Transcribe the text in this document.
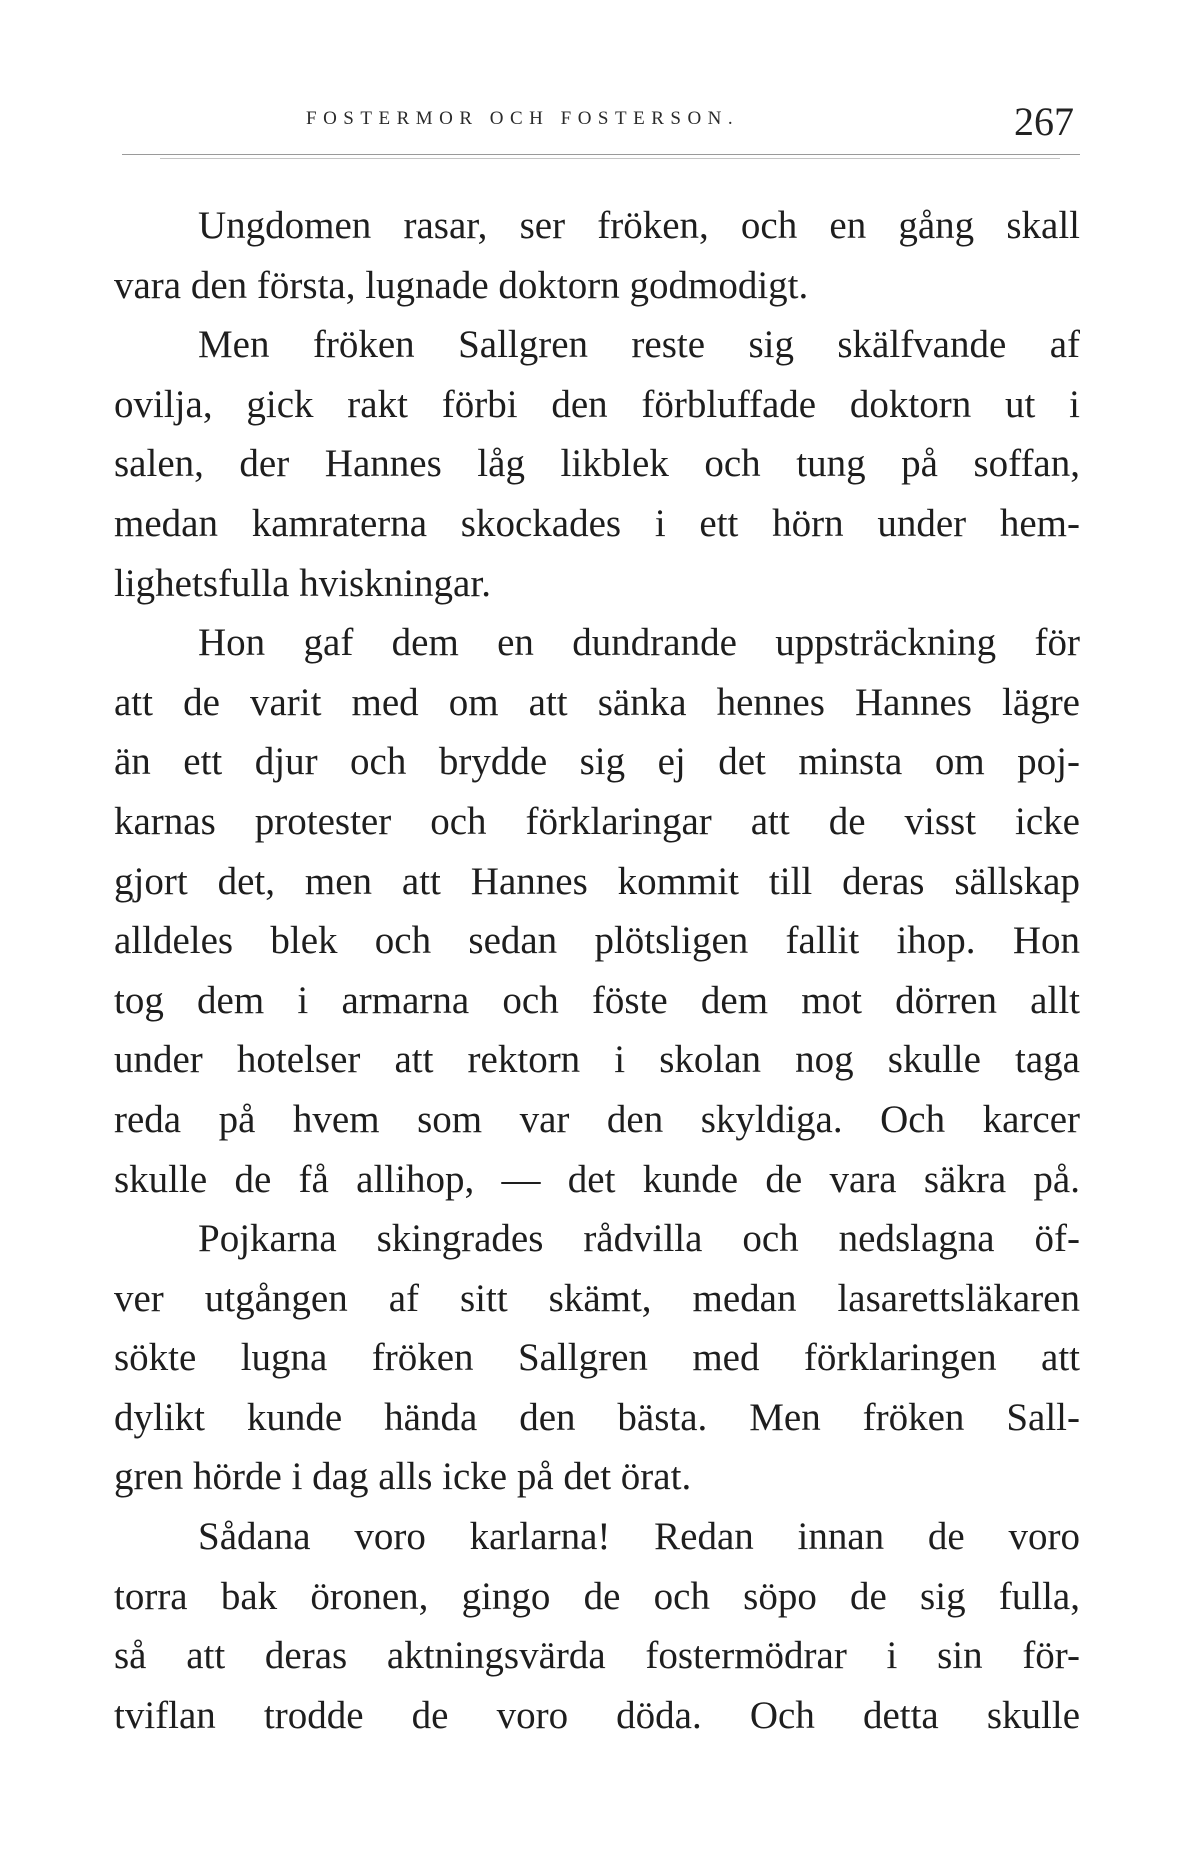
FOSTERMOR OCH FOSTERSON.	267
Ungdomen rasar, ser fröken, och en gång skall
vara den första, lugnade doktorn godmodigt.
Men fröken Sallgren reste sig skälfvande af
ovilja, gick rakt förbi den förbluffade doktorn ut i
salen, der Hannes låg likblek och tung på soffan,
medan kamraterna skockades i ett hörn under hem-
lighetsfulla hviskningar.
Hon gaf dem en dundrande uppsträckning för
att de varit med om att sänka hennes Hannes lägre
än ett djur och brydde sig ej det minsta om poj-
karnas protester och förklaringar att de visst icke
gjort det, men att Hannes kommit till deras sällskap
alldeles blek och sedan plötsligen fallit ihop. Hon
tog dem i armarna och föste dem mot dörren allt
under hotelser att rektorn i skolan nog skulle taga
reda på hvem som var den skyldiga. Och karcer
skulle de få allihop, — det kunde de vara säkra på.
Pojkarna skingrades rådvilla och nedslagna öf-
ver utgången af sitt skämt, medan lasarettsläkaren
sökte lugna fröken Sallgren med förklaringen att
dylikt kunde hända den bästa. Men fröken Sall-
gren hörde i dag alls icke på det örat.
Sådana voro karlarna! Redan innan de voro
torra bak öronen, gingo de och söpo de sig fulla,
så att deras aktningsvärda fostermödrar i sin för-
tviflan trodde de voro döda. Och detta skulle
